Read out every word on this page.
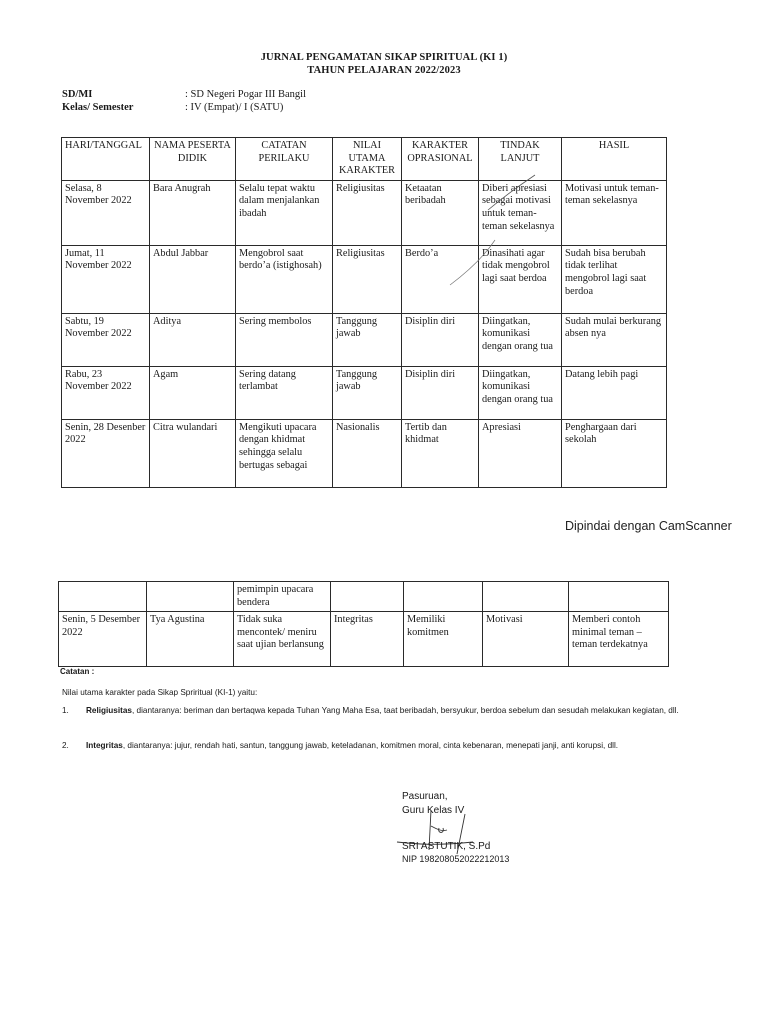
JURNAL PENGAMATAN SIKAP SPIRITUAL (KI 1)
TAHUN PELAJARAN 2022/2023
SD/MI	: SD Negeri Pogar III Bangil
Kelas/ Semester	: IV (Empat)/ I (SATU)
HARI/TANGGAL	NAMA PESERTA DIDIK	CATATAN PERILAKU	NILAI UTAMA KARAKTER	KARAKTER OPRASIONAL	TINDAK LANJUT	HASIL
Selasa, 8 November 2022	Bara Anugrah	Selalu tepat waktu dalam menjalankan ibadah	Religiusitas	Ketaatan beribadah	Diberi apresiasi sebagai motivasi untuk teman-teman sekelasnya	Motivasi untuk teman-teman sekelasnya
Jumat, 11 November 2022	Abdul Jabbar	Mengobrol saat berdo’a (istighosah)	Religiusitas	Berdo’a	Dinasihati agar tidak mengobrol lagi saat berdoa	Sudah bisa berubah tidak terlihat mengobrol lagi saat berdoa
Sabtu, 19 November 2022	Aditya	Sering membolos	Tanggung jawab	Disiplin diri	Diingatkan, komunikasi dengan orang tua	Sudah mulai berkurang absen nya
Rabu, 23 November 2022	Agam	Sering datang terlambat	Tanggung jawab	Disiplin diri	Diingatkan, komunikasi dengan orang tua	Datang lebih pagi
Senin, 28 Desenber 2022	Citra wulandari	Mengikuti upacara dengan khidmat sehingga selalu bertugas sebagai	Nasionalis	Tertib dan khidmat	Apresiasi	Penghargaan dari sekolah
Dipindai dengan CamScanner
		pemimpin upacara bendera				
Senin, 5 Desember 2022	Tya Agustina	Tidak suka mencontek/ meniru saat ujian berlansung	Integritas	Memiliki komitmen	Motivasi	Memberi contoh minimal teman – teman terdekatnya
Catatan :
Nilai utama karakter pada Sikap Spriritual (KI-1) yaitu:
1. Religiusitas, diantaranya: beriman dan bertaqwa kepada Tuhan Yang Maha Esa, taat beribadah, bersyukur, berdoa sebelum dan sesudah melakukan kegiatan, dll.
2. Integritas, diantaranya: jujur, rendah hati, santun, tanggung jawab, keteladanan, komitmen moral, cinta kebenaran, menepati janji, anti korupsi, dll.
Pasuruan,
Guru Kelas IV
SRI ASTUTIK, S.Pd
NIP 198208052022212013
